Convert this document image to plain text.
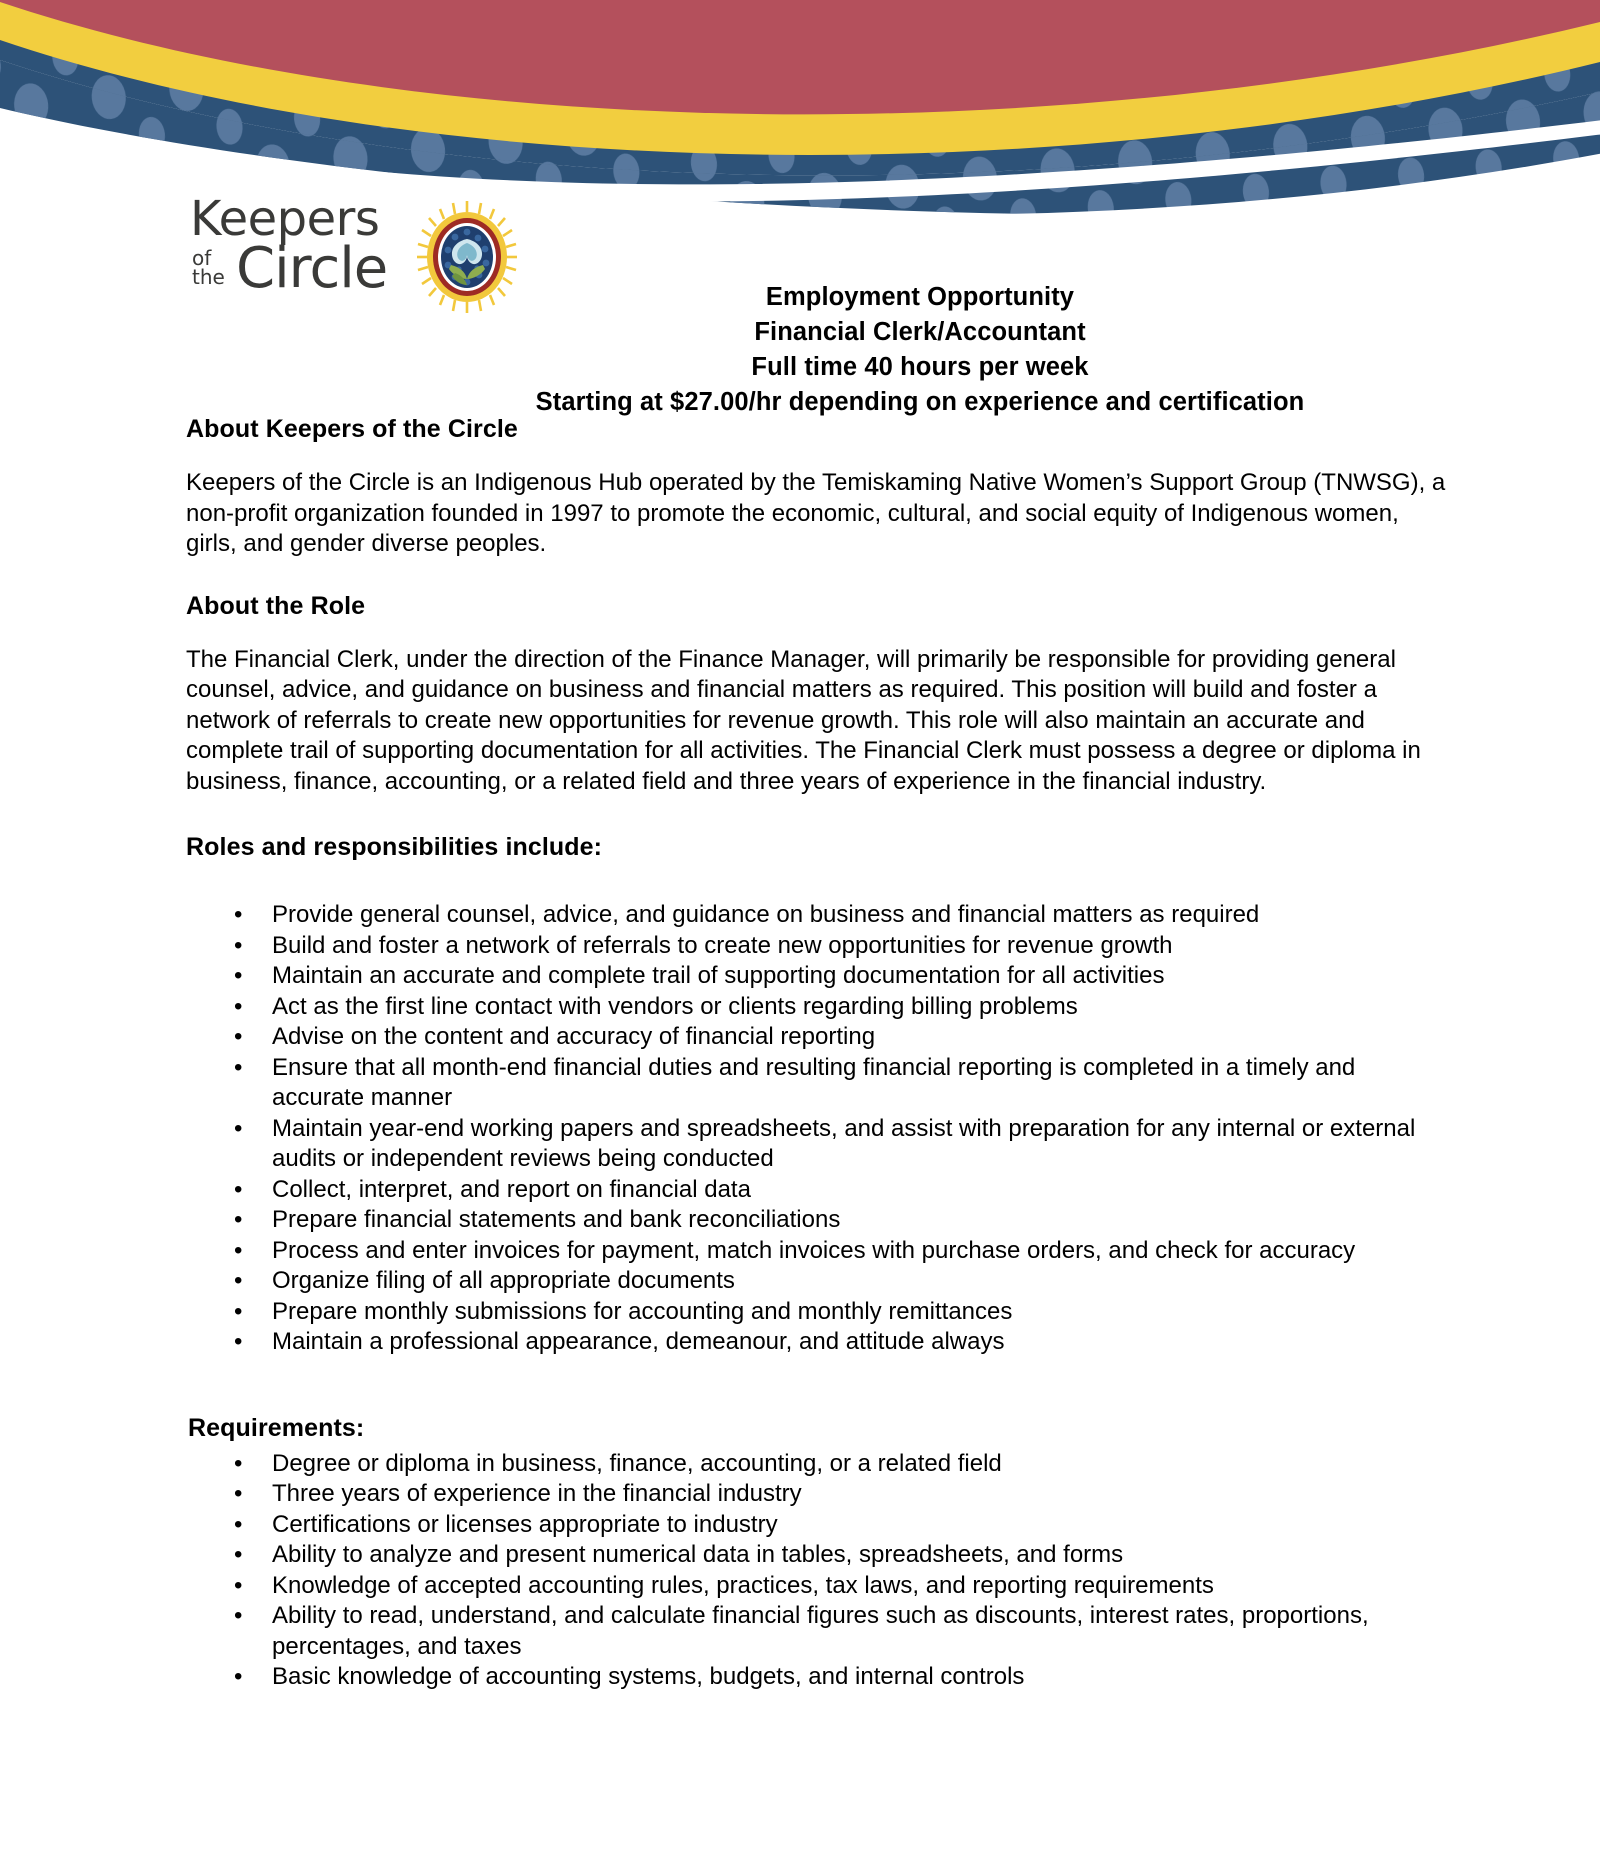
Keepers
of
the Circle	Employment Opportunity
Financial Clerk/Accountant
Full time 40 hours per week
Starting at $27.00/hr depending on experience and certification
About Keepers of the Circle

Keepers of the Circle is an Indigenous Hub operated by the Temiskaming Native Women’s Support Group (TNWSG), a non-profit organization founded in 1997 to promote the economic, cultural, and social equity of Indigenous women, girls, and gender diverse peoples.

About the Role

The Financial Clerk, under the direction of the Finance Manager, will primarily be responsible for providing general counsel, advice, and guidance on business and financial matters as required. This position will build and foster a network of referrals to create new opportunities for revenue growth. This role will also maintain an accurate and complete trail of supporting documentation for all activities. The Financial Clerk must possess a degree or diploma in business, finance, accounting, or a related field and three years of experience in the financial industry.

Roles and responsibilities include:
• Provide general counsel, advice, and guidance on business and financial matters as required
• Build and foster a network of referrals to create new opportunities for revenue growth
• Maintain an accurate and complete trail of supporting documentation for all activities
• Act as the first line contact with vendors or clients regarding billing problems
• Advise on the content and accuracy of financial reporting
• Ensure that all month-end financial duties and resulting financial reporting is completed in a timely and accurate manner
• Maintain year-end working papers and spreadsheets, and assist with preparation for any internal or external audits or independent reviews being conducted
• Collect, interpret, and report on financial data
• Prepare financial statements and bank reconciliations
• Process and enter invoices for payment, match invoices with purchase orders, and check for accuracy
• Organize filing of all appropriate documents
• Prepare monthly submissions for accounting and monthly remittances
• Maintain a professional appearance, demeanour, and attitude always
Requirements:
• Degree or diploma in business, finance, accounting, or a related field
• Three years of experience in the financial industry
• Certifications or licenses appropriate to industry
• Ability to analyze and present numerical data in tables, spreadsheets, and forms
• Knowledge of accepted accounting rules, practices, tax laws, and reporting requirements
• Ability to read, understand, and calculate financial figures such as discounts, interest rates, proportions, percentages, and taxes
• Basic knowledge of accounting systems, budgets, and internal controls
